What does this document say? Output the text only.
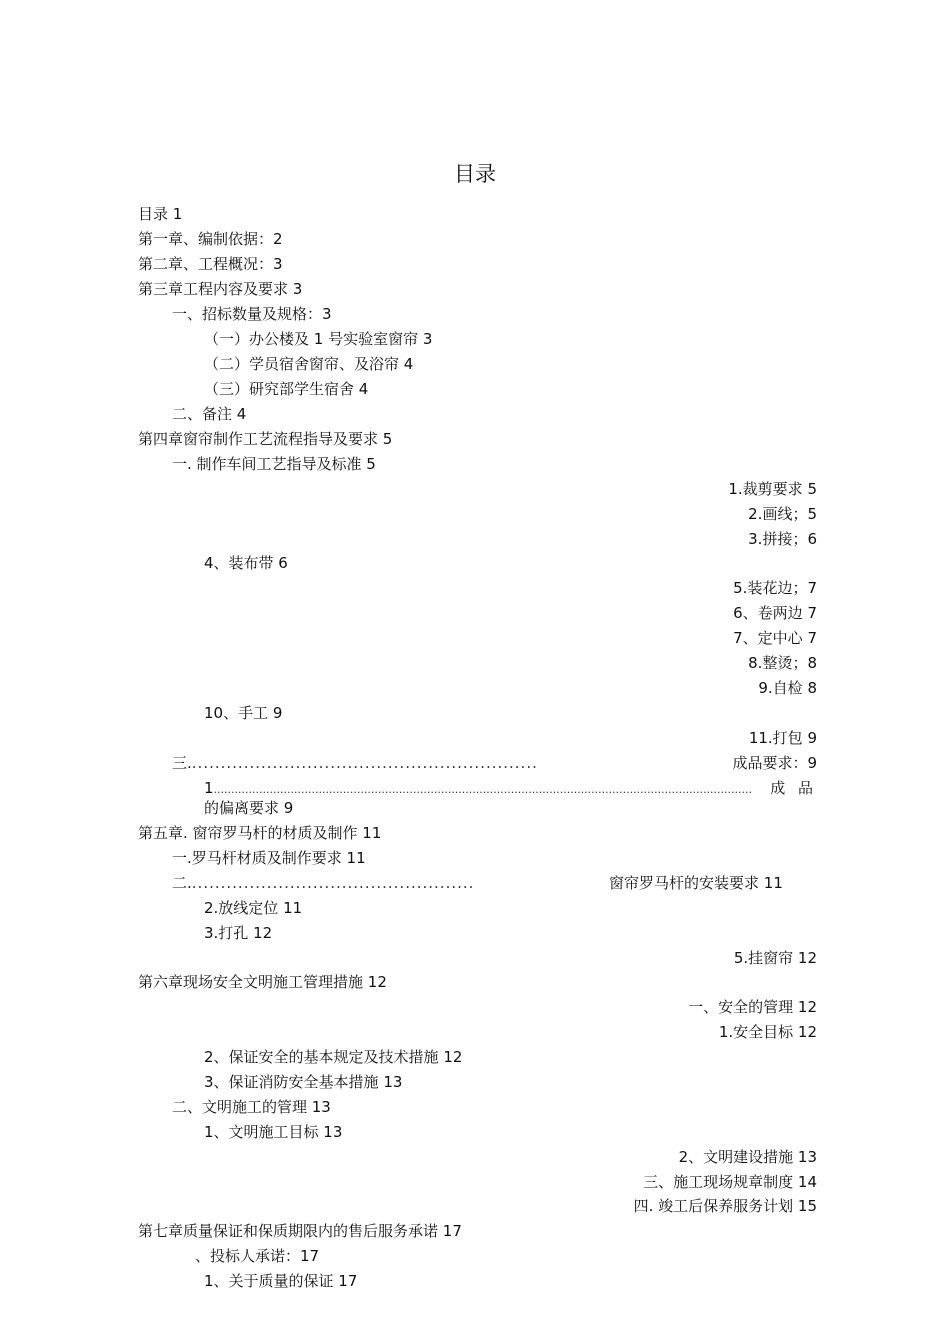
目录
目录 1
第一章、编制依据：2
第二章、工程概况：3
第三章工程内容及要求 3
一、招标数量及规格：3
（一）办公楼及 1 号实验室窗帘 3
（二）学员宿舍窗帘、及浴帘 4
（三）研究部学生宿舍 4
二、备注 4
第四章窗帘制作工艺流程指导及要求 5
一. 制作车间工艺指导及标准 5
1.裁剪要求 5
2.画线；5
3.拼接；6
4、装布带 6
5.装花边；7
6、卷两边 7
7、定中心 7
8.整烫；8
9.自检 8
10、手工 9
11.打包 9
三.............................................................	成品要求：9
1..........................................................................................................................................................	成 品
的偏离要求 9
第五章. 窗帘罗马杆的材质及制作 11
一.罗马杆材质及制作要求 11
二..................................................	窗帘罗马杆的安装要求 11
2.放线定位 11
3.打孔 12
5.挂窗帘 12
第六章现场安全文明施工管理措施 12
一、安全的管理 12
1.安全目标 12
2、保证安全的基本规定及技术措施 12
3、保证消防安全基本措施 13
二、文明施工的管理 13
1、文明施工目标 13
2、文明建设措施 13
三、施工现场规章制度 14
四. 竣工后保养服务计划 15
第七章质量保证和保质期限内的售后服务承诺 17
、投标人承诺：17
1、关于质量的保证 17
